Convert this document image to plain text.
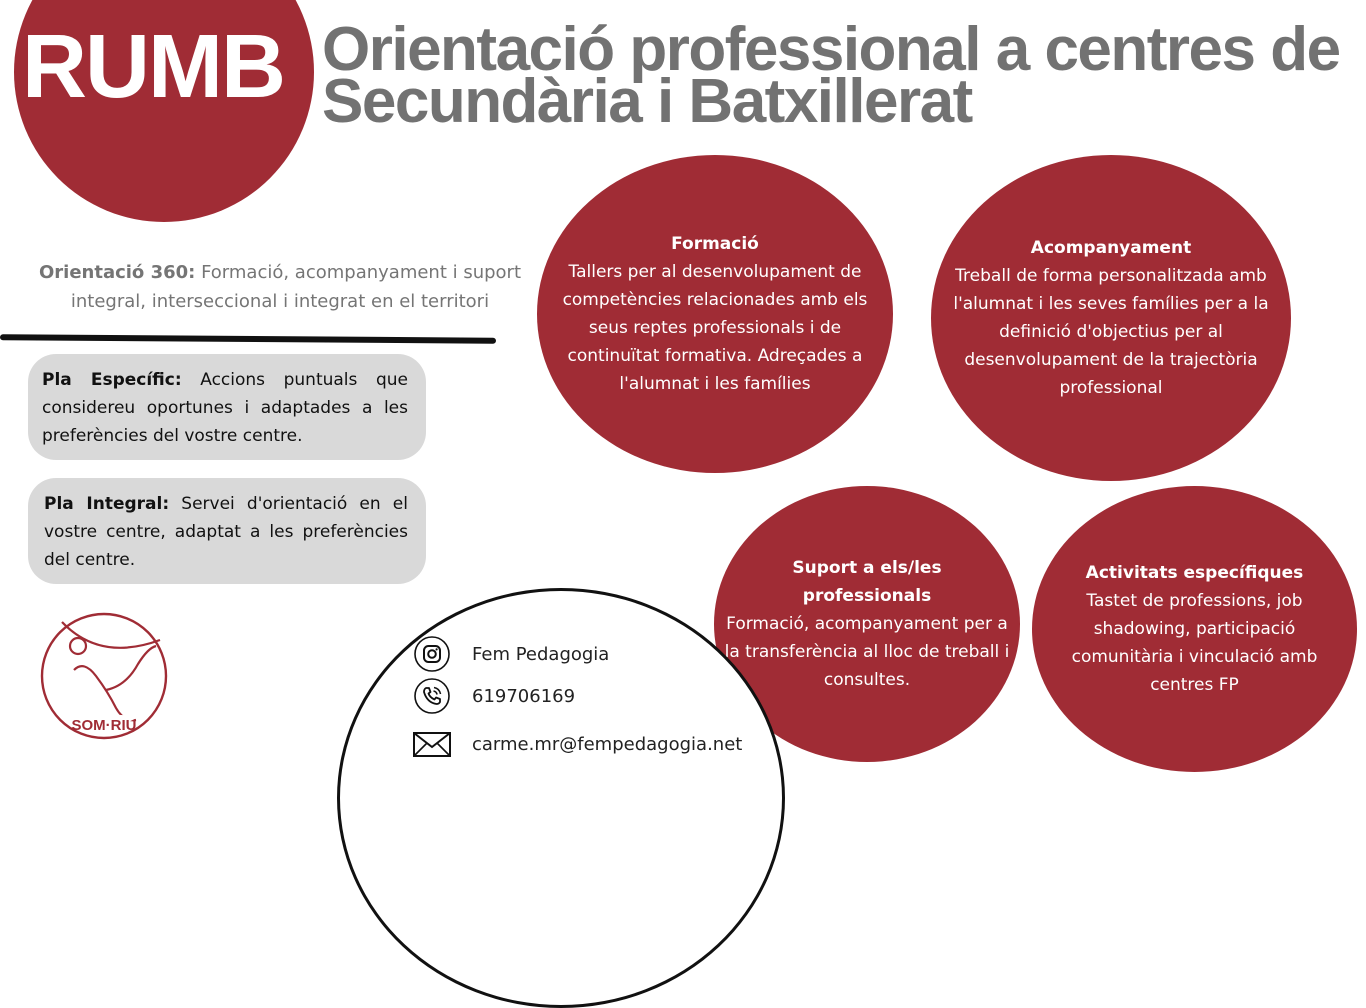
RUMB Orientació professional a centres de
Secundària i Batxillerat
Orientació 360: Formació, acompanyament i suport integral, interseccional i integrat en el territori
Pla Específic: Accions puntuals que considereu oportunes i adaptades a les preferències del vostre centre.
Pla Integral: Servei d'orientació en el vostre centre, adaptat a les preferències del centre.
Formació
Tallers per al desenvolupament de competències relacionades amb els seus reptes professionals i de continuïtat formativa. Adreçades a l'alumnat i les famílies
Acompanyament
Treball de forma personalitzada amb l'alumnat i les seves famílies per a la definició d'objectius per al desenvolupament de la trajectòria professional
Suport a els/les professionals
Formació, acompanyament per a la transferència al lloc de treball i consultes.
Activitats específiques
Tastet de professions, job shadowing, participació comunitària i vinculació amb centres FP
Fem Pedagogia
619706169
carme.mr@fempedagogia.net
SOM·RIU
